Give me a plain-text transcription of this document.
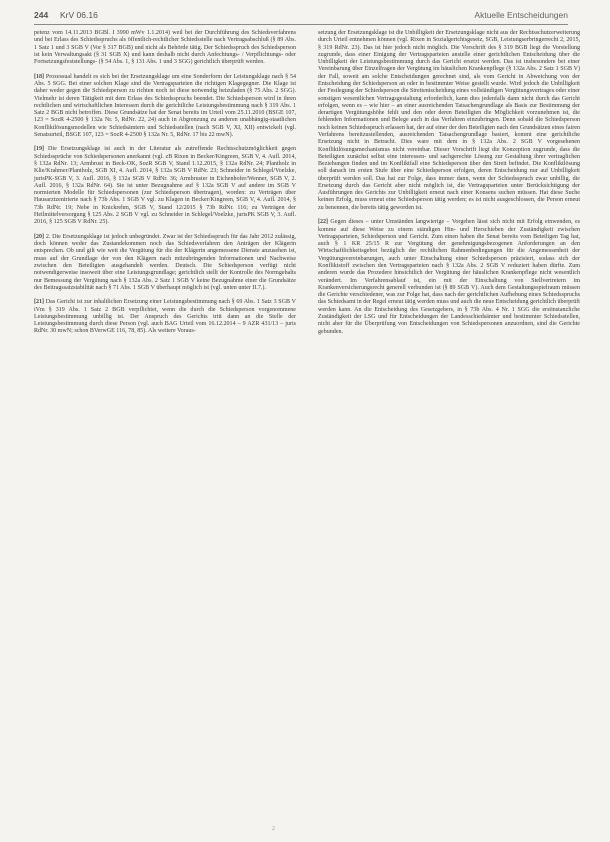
244 KrV 06.16	Aktuelle Entscheidungen

petenz vom 14.11.2013 BGBl. I 3990 mWv 1.1.2014) weil bei der Durchführung des Schiedsverfahrens und bei Erlass des Schiedsspruchs als öffentlich-rechtlicher Schiedsstelle nach Vertragsabschluß (§ 89 Abs. 1 Satz 1 und 3 SGB V (Vor § 317 BGB) und nicht als Behörde tätig. Der Schiedsspruch des Schiedsperson ist kein Verwaltungsakt (§ 31 SGB X) und kann deshalb nicht durch Anfechtungs- / Verpflichtungs- oder Fortsetzungsfeststellungs- (§ 54 Abs. 1, § 131 Abs. 1 und 3 SGG) gerichtlich überprüft werden.

[18] Prozessual handelt es sich bei der Ersetzungsklage um eine Sonderform der Leistungsklage nach § 54 Abs. 5 SGG. Bei einer solchen Klage sind die Vertragsparteien die richtigen Klagegegner. Die Klage ist daher weder gegen die Schiedsperson zu richten noch ist diese notwendig beizuladen (§ 75 Abs. 2 SGG). Vielmehr ist deren Tätigkeit mit dem Erlass des Schiedsspruchs beendet. Die Schiedsperson wird in ihren rechtlichen und wirtschaftlichen Interessen durch die gerichtliche Leistungsbestimmung nach § 319 Abs. 1 Satz 2 BGB nicht betroffen. Diese Grundsätze hat der Senat bereits im Urteil vom 25.11.2010 (BSGE 107, 123 = SozR 4-2500 § 132a Nr. 5, RdNr. 22, 24) auch in Abgrenzung zu anderen unabhängig-staatlichen Konfliktlösungsmodellen wie Schiedsämtern und Schiedsstellen (nach SGB V, XI, XII) entwickelt (vgl. Senatsurteil, BSGE 107, 123 = SozR 4-2500 § 132a Nr. 5, RdNr. 17 bis 22 mwN).

[19] Die Ersetzungsklage ist auch in der Literatur als zutreffende Rechtsschutzmöglichkeit gegen Schiedssprüche von Schiedspersonen anerkannt (vgl. zB Rixen in Becker/Kingreen, SGB V, 4. Aufl. 2014, § 132a RdNr. 13; Armbrust in Beck-OK, SozR SGB V, Stand 1.12.2015, § 132a RdNr. 24; Plantholz in Klie/Krahmer/Plantholz, SGB XI, 4. Aufl. 2014, § 132a SGB V RdNr. 23; Schneider in Schlegel/Voelzke, jurisPK-SGB V, 3. Aufl. 2016, § 132a SGB V RdNr. 36; Armbruster in Eichenhofer/Wenner, SGB V, 2. Aufl. 2016, § 132a RdNr. 64). Sie ist unter Bezugnahme auf § 132a SGB V auf andere im SGB V normierten Modelle für Schiedspersonen (zur Schiedsperson übertragen), worden: zu Verträgen über Hausarztzentrierte nach § 73b Abs. 1 SGB V vgl. zu Klagen in Becker/Kingreen, SGB V, 4. Aufl. 2014, § 73b RdNr. 19; Nebe in Knickrehm, SGB V, Stand 12/2015 § 73b RdNr. 116; zu Verträgen der Heilmittelversorgung § 125 Abs. 2 SGB V vgl. zu Schneider in Schlegel/Voelzke, jurisPK SGB V, 3. Aufl. 2016, § 125 SGB V RdNr. 25).

[20] 2. Die Ersetzungsklage ist jedoch unbegründet. Zwar ist der Schiedsspruch für das Jahr 2012 zulässig, doch können weder das Zustandekommen noch das Schiedsverfahren den Anträgen der Klägerin entsprechen. Ob und gilt wie weit die Vergütung für die der Klägerin angemessene Dienste anzusehen ist, muss auf der Grundlage der von den Klägern nach mitzubringenden Informationen und Nachweise zwischen den Beteiligten ausgehandelt werden. Deutsch. Die Schiedsperson verfügt nicht notwendigerweise insoweit über eine Leistungsgrundlage; gerichtlich stellt der Kontrolle des Normgehalts nur Bemessung der Vergütung nach § 132a Abs. 2 Satz 1 SGB V keine Bezugnahme einer die Grundsätze des Beitragssatzstabilität nach § 71 Abs. 1 SGB V überhaupt möglich ist (vgl. unten unter II.7.).

[21] Das Gericht ist zur inhaltlichen Ersetzung einer Leistungsbestimmung nach § 69 Abs. 1 Satz 3 SGB V iVm § 319 Abs. 1 Satz 2 BGB verpflichtet, wenn die durch die Schiedsperson vorgenommene Leistungsbestimmung unbillig ist. Der Anspruch des Gerichts tritt dann an die Stelle der Leistungsbestimmung durch diese Person (vgl. auch BAG Urteil vom 16.12.2014 – 9 AZR 431/13 – juris RdNr. 30 mwN; schon BVerwGE 116, 78, 85). Als weitere Voraus-

setzung der Ersetzungsklage ist die Unbilligkeit der Ersetzungsklage nicht aus der Rechtsschutzerweiterung durch Urteil entnehmen können (vgl. Rixen in Sozialgerichtsgesetz, SGB, Leistungserbringerrecht 2, 2015, § 319 RdNr. 23). Das ist hier jedoch nicht möglich. Die Vorschrift des § 319 BGB liegt die Vorstellung zugrunde, dass einer Einigung der Vertragsparteien anstelle einer gerichtlichen Entscheidung über die Unbilligkeit der Leistungsbestimmung durch das Gericht ersetzt werden. Das ist insbesondere bei einer Vereinbarung über Einzelfragen der Vergütung im häuslichen Krankenpflege (§ 132a Abs. 2 Satz 1 SGB V) der Fall, soweit am solche Entscheidungen gerechnet sind, als vom Gericht in Abweichung von der Entscheidung der Schiedsperson an oder in bestimmter Weise gestellt wurde. Wird jedoch die Unbilligkeit der Festlegung der Schiedsperson die Streitentscheidung eines vollständigen Vergütungsvertrages oder einer sonstigen wesentlichen Vertragsgestaltung erforderlich, kann dies jedenfalls dann nicht durch das Gericht erfolgen, wenn es – wie hier – an einer ausreichenden Tatsachengrundlage als Basis zur Bestimmung der derartigen Vergütungshöhe fehlt und den oder deren Beteiligten die Möglichkeit vorzunehmen ist, die fehlenden Informationen und Belege auch in das Verfahren einzubringen. Denn sobald die Schiedsperson noch keinen Schiedsspruch erlassen hat, der auf einer der den Beteiligten nach den Grundsätzen eines fairen Verfahrens bereitzustellenden, ausreichenden Tatsachengrundlage basiert, kommt eine gerichtliche Ersetzung nicht in Betracht. Dies ware mit dem in § 132a Abs. 2 SGB V vorgesehenen Konfliktlösungsmechanismus nicht vereinbar. Dieser Vorschrift liegt die Konzeption zugrunde, dass die Beteiligten zunächst selbst eine interessen- und sachgerechte Lösung zur Gestaltung ihrer vertraglichen Beziehungen finden und im Konfliktfall eine Schiedsperson über den Streit befindet. Die Konfliktlösung soll danach im ersten Stufe über eine Schiedsperson erfolgen, deren Entscheidung nur auf Unbilligkeit überprüft werden soll. Das hat zur Folge, dass immer dann, wenn der Schiedsspruch zwar unbillig, die Ersetzung durch das Gericht aber nicht möglich ist, die Vertragsparteien unter Berücksichtigung der Ausführungen des Gerichts zur Unbilligkeit erneut nach einer Konsens suchen müssen. Hat diese Suche keinen Erfolg, muss erneut eine Schiedsperson tätig werden; es ist nicht ausgeschlossen, die Person erneut zu benennen, die bereits tätig geworden ist.

[22] Gegen dieses – unter Umständen langwierige – Vorgehen lässt sich nicht mit Erfolg einwenden, es komme auf diese Weise zu einem ständigen Hin- und Herschieben der Zuständigkeit zwischen Vertragsparteien, Schiedsperson und Gericht. Zum einen haben die Senat bereits vom Beteiligen Tag hat, auch § 1 KR 25/15 R zur Vergütung der genehmigungsbezogenen Anforderungen an den Wirtschaftlichkeitsgebot bezüglich der rechtlichen Rahmenbedingungen für die Angemessenheit der Vergütungsvereinbarungen, auch unter Einschaltung einer Schiedsperson präzisiert, sodass sich der Konfliktstoff zwischen den Vertragsparteien nach § 132a Abs. 2 SGB V reduziert haben dürfte. Zum anderen wurde das Prozedere hinsichtlich der Vergütung der häuslichen Krankenpflege nicht wesentlich verändert. Im Verfahrensablauf ist, ein mit der Einschaltung von Stellvertretern im Krankenversicherungsrecht generell verbunden ist (§ 89 SGB V). Auch dem Gestaltungsspielraum müssen die Gerichte verschiedener, was zur Folge hat, dass nach der gerichtlichen Aufhebung eines Schiedsspruchs das Schiedsamt in der Regel erneut tätig werden muss und auch die neue Entscheidung gerichtlich überprüft werden kann. An die Entscheidung des Gesetzgebers, in § 73b Abs. 4 Nr. 1 SGG die erstinstanzliche Zuständigkeit der LSG und für Entscheidungen der Landesschiedsämter und bestimmter Schiedsstellen, nicht aber für die Überprüfung von Entscheidungen von Schiedspersonen anzuordnen, sind die Gerichte gebunden.

2
